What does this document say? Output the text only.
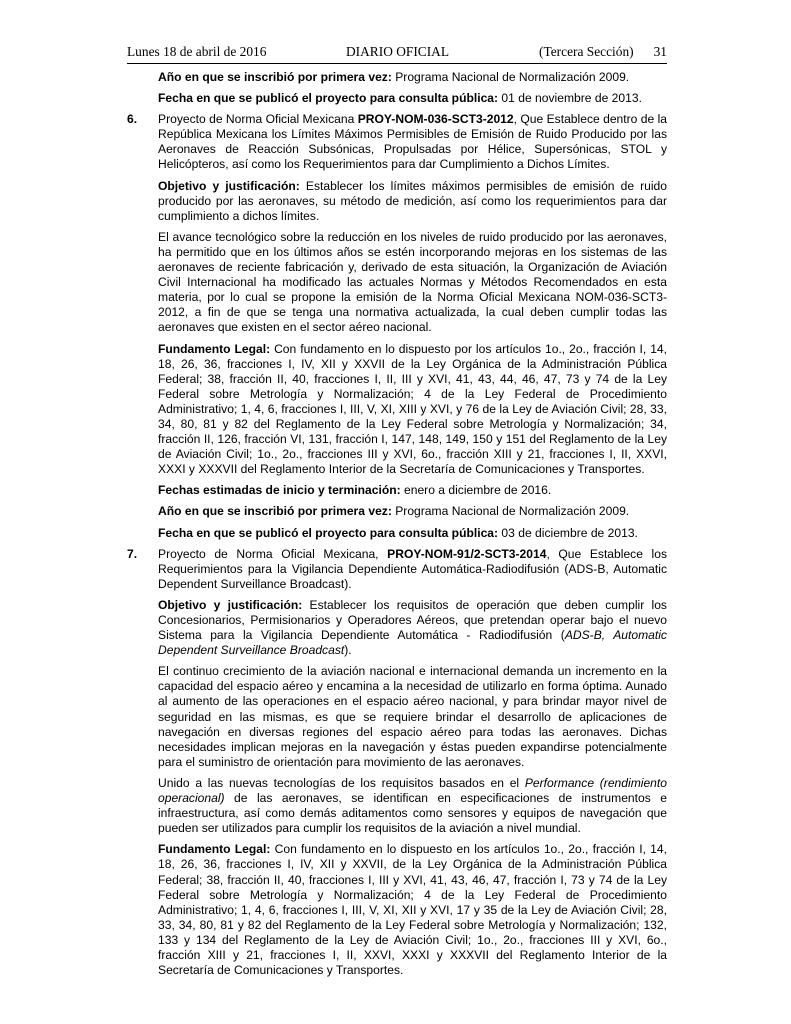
Lunes 18 de abril de 2016	DIARIO OFICIAL	(Tercera Sección) 31

Año en que se inscribió por primera vez: Programa Nacional de Normalización 2009.

Fecha en que se publicó el proyecto para consulta pública: 01 de noviembre de 2013.

6.	Proyecto de Norma Oficial Mexicana PROY-NOM-036-SCT3-2012, Que Establece dentro de la República Mexicana los Límites Máximos Permisibles de Emisión de Ruido Producido por las Aeronaves de Reacción Subsónicas, Propulsadas por Hélice, Supersónicas, STOL y Helicópteros, así como los Requerimientos para dar Cumplimiento a Dichos Límites.

Objetivo y justificación: Establecer los límites máximos permisibles de emisión de ruido producido por las aeronaves, su método de medición, así como los requerimientos para dar cumplimiento a dichos límites.

El avance tecnológico sobre la reducción en los niveles de ruido producido por las aeronaves, ha permitido que en los últimos años se estén incorporando mejoras en los sistemas de las aeronaves de reciente fabricación y, derivado de esta situación, la Organización de Aviación Civil Internacional ha modificado las actuales Normas y Métodos Recomendados en esta materia, por lo cual se propone la emisión de la Norma Oficial Mexicana NOM-036-SCT3-2012, a fin de que se tenga una normativa actualizada, la cual deben cumplir todas las aeronaves que existen en el sector aéreo nacional.

Fundamento Legal: Con fundamento en lo dispuesto por los artículos 1o., 2o., fracción I, 14, 18, 26, 36, fracciones I, IV, XII y XXVII de la Ley Orgánica de la Administración Pública Federal; 38, fracción II, 40, fracciones I, II, III y XVI, 41, 43, 44, 46, 47, 73 y 74 de la Ley Federal sobre Metrología y Normalización; 4 de la Ley Federal de Procedimiento Administrativo; 1, 4, 6, fracciones I, III, V, XI, XIII y XVI, y 76 de la Ley de Aviación Civil; 28, 33, 34, 80, 81 y 82 del Reglamento de la Ley Federal sobre Metrología y Normalización; 34, fracción II, 126, fracción VI, 131, fracción I, 147, 148, 149, 150 y 151 del Reglamento de la Ley de Aviación Civil; 1o., 2o., fracciones III y XVI, 6o., fracción XIII y 21, fracciones I, II, XXVI, XXXI y XXXVII del Reglamento Interior de la Secretaría de Comunicaciones y Transportes.

Fechas estimadas de inicio y terminación: enero a diciembre de 2016.

Año en que se inscribió por primera vez: Programa Nacional de Normalización 2009.

Fecha en que se publicó el proyecto para consulta pública: 03 de diciembre de 2013.

7.	Proyecto de Norma Oficial Mexicana, PROY-NOM-91/2-SCT3-2014, Que Establece los Requerimientos para la Vigilancia Dependiente Automática-Radiodifusión (ADS-B, Automatic Dependent Surveillance Broadcast).

Objetivo y justificación: Establecer los requisitos de operación que deben cumplir los Concesionarios, Permisionarios y Operadores Aéreos, que pretendan operar bajo el nuevo Sistema para la Vigilancia Dependiente Automática - Radiodifusión (ADS-B, Automatic Dependent Surveillance Broadcast).

El continuo crecimiento de la aviación nacional e internacional demanda un incremento en la capacidad del espacio aéreo y encamina a la necesidad de utilizarlo en forma óptima. Aunado al aumento de las operaciones en el espacio aéreo nacional, y para brindar mayor nivel de seguridad en las mismas, es que se requiere brindar el desarrollo de aplicaciones de navegación en diversas regiones del espacio aéreo para todas las aeronaves. Dichas necesidades implican mejoras en la navegación y éstas pueden expandirse potencialmente para el suministro de orientación para movimiento de las aeronaves.

Unido a las nuevas tecnologías de los requisitos basados en el Performance (rendimiento operacional) de las aeronaves, se identifican en especificaciones de instrumentos e infraestructura, así como demás aditamentos como sensores y equipos de navegación que pueden ser utilizados para cumplir los requisitos de la aviación a nivel mundial.

Fundamento Legal: Con fundamento en lo dispuesto en los artículos 1o., 2o., fracción I, 14, 18, 26, 36, fracciones I, IV, XII y XXVII, de la Ley Orgánica de la Administración Pública Federal; 38, fracción II, 40, fracciones I, III y XVI, 41, 43, 46, 47, fracción I, 73 y 74 de la Ley Federal sobre Metrología y Normalización; 4 de la Ley Federal de Procedimiento Administrativo; 1, 4, 6, fracciones I, III, V, XI, XII y XVI, 17 y 35 de la Ley de Aviación Civil; 28, 33, 34, 80, 81 y 82 del Reglamento de la Ley Federal sobre Metrología y Normalización; 132, 133 y 134 del Reglamento de la Ley de Aviación Civil; 1o., 2o., fracciones III y XVI, 6o., fracción XIII y 21, fracciones I, II, XXVI, XXXI y XXXVII del Reglamento Interior de la Secretaría de Comunicaciones y Transportes.
